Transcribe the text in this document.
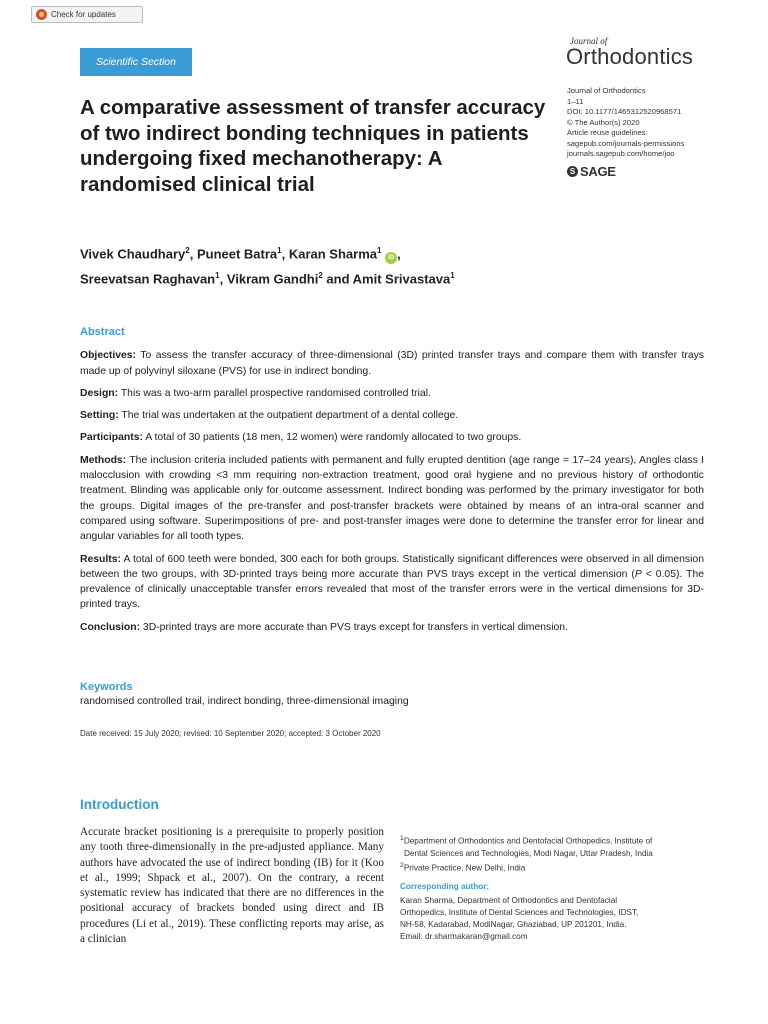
Check for updates
Scientific Section
Journal of
Orthodontics
Journal of Orthodontics
1–11
DOI: 10.1177/1465312520968571
© The Author(s) 2020
Article reuse guidelines:
sagepub.com/journals-permissions
journals.sagepub.com/home/joo
S SAGE
A comparative assessment of transfer accuracy of two indirect bonding techniques in patients undergoing fixed mechanotherapy: A randomised clinical trial
Vivek Chaudhary$^2$, Puneet Batra$^1$, Karan Sharma$^1$ iD ,
Sreevatsan Raghavan$^1$, Vikram Gandhi$^2$ and Amit Srivastava$^1$
Abstract

Objectives: To assess the transfer accuracy of three-dimensional (3D) printed transfer trays and compare them with transfer trays made up of polyvinyl siloxane (PVS) for use in indirect bonding.

Design: This was a two-arm parallel prospective randomised controlled trial.

Setting: The trial was undertaken at the outpatient department of a dental college.

Participants: A total of 30 patients (18 men, 12 women) were randomly allocated to two groups.

Methods: The inclusion criteria included patients with permanent and fully erupted dentition (age range = 17–24 years), Angles class I malocclusion with crowding <3 mm requiring non-extraction treatment, good oral hygiene and no previous history of orthodontic treatment. Blinding was applicable only for outcome assessment. Indirect bonding was performed by the primary investigator for both the groups. Digital images of the pre-transfer and post-transfer brackets were obtained by means of an intra-oral scanner and compared using software. Superimpositions of pre- and post-transfer images were done to determine the transfer error for linear and angular variables for all tooth types.

Results: A total of 600 teeth were bonded, 300 each for both groups. Statistically significant differences were observed in all dimension between the two groups, with 3D-printed trays being more accurate than PVS trays except in the vertical dimension (P < 0.05). The prevalence of clinically unacceptable transfer errors revealed that most of the transfer errors were in the vertical dimensions for 3D-printed trays.

Conclusion: 3D-printed trays are more accurate than PVS trays except for transfers in vertical dimension.

Keywords
randomised controlled trail, indirect bonding, three-dimensional imaging
Date received: 15 July 2020; revised: 10 September 2020; accepted: 3 October 2020
Introduction

Accurate bracket positioning is a prerequisite to properly position any tooth three-dimensionally in the pre-adjusted appliance. Many authors have advocated the use of indirect bonding (IB) for it (Koo et al., 1999; Shpack et al., 2007). On the contrary, a recent systematic review has indicated that there are no differences in the positional accuracy of brackets bonded using direct and IB procedures (Li et al., 2019). These conflicting reports may arise, as a clinician

$^1$Department of Orthodontics and Dentofacial Orthopedics, Institute of
Dental Sciences and Technologies, Modi Nagar, Uttar Pradesh, India
$^2$Private Practice, New Delhi, India
Corresponding author:
Karan Sharma, Department of Orthodontics and Dentofacial
Orthopedics, Institute of Dental Sciences and Technologies, IDST,
NH-58, Kadarabad, ModiNagar, Ghaziabad, UP 201201, India.
Email: dr.sharmakaran@gmail.com
